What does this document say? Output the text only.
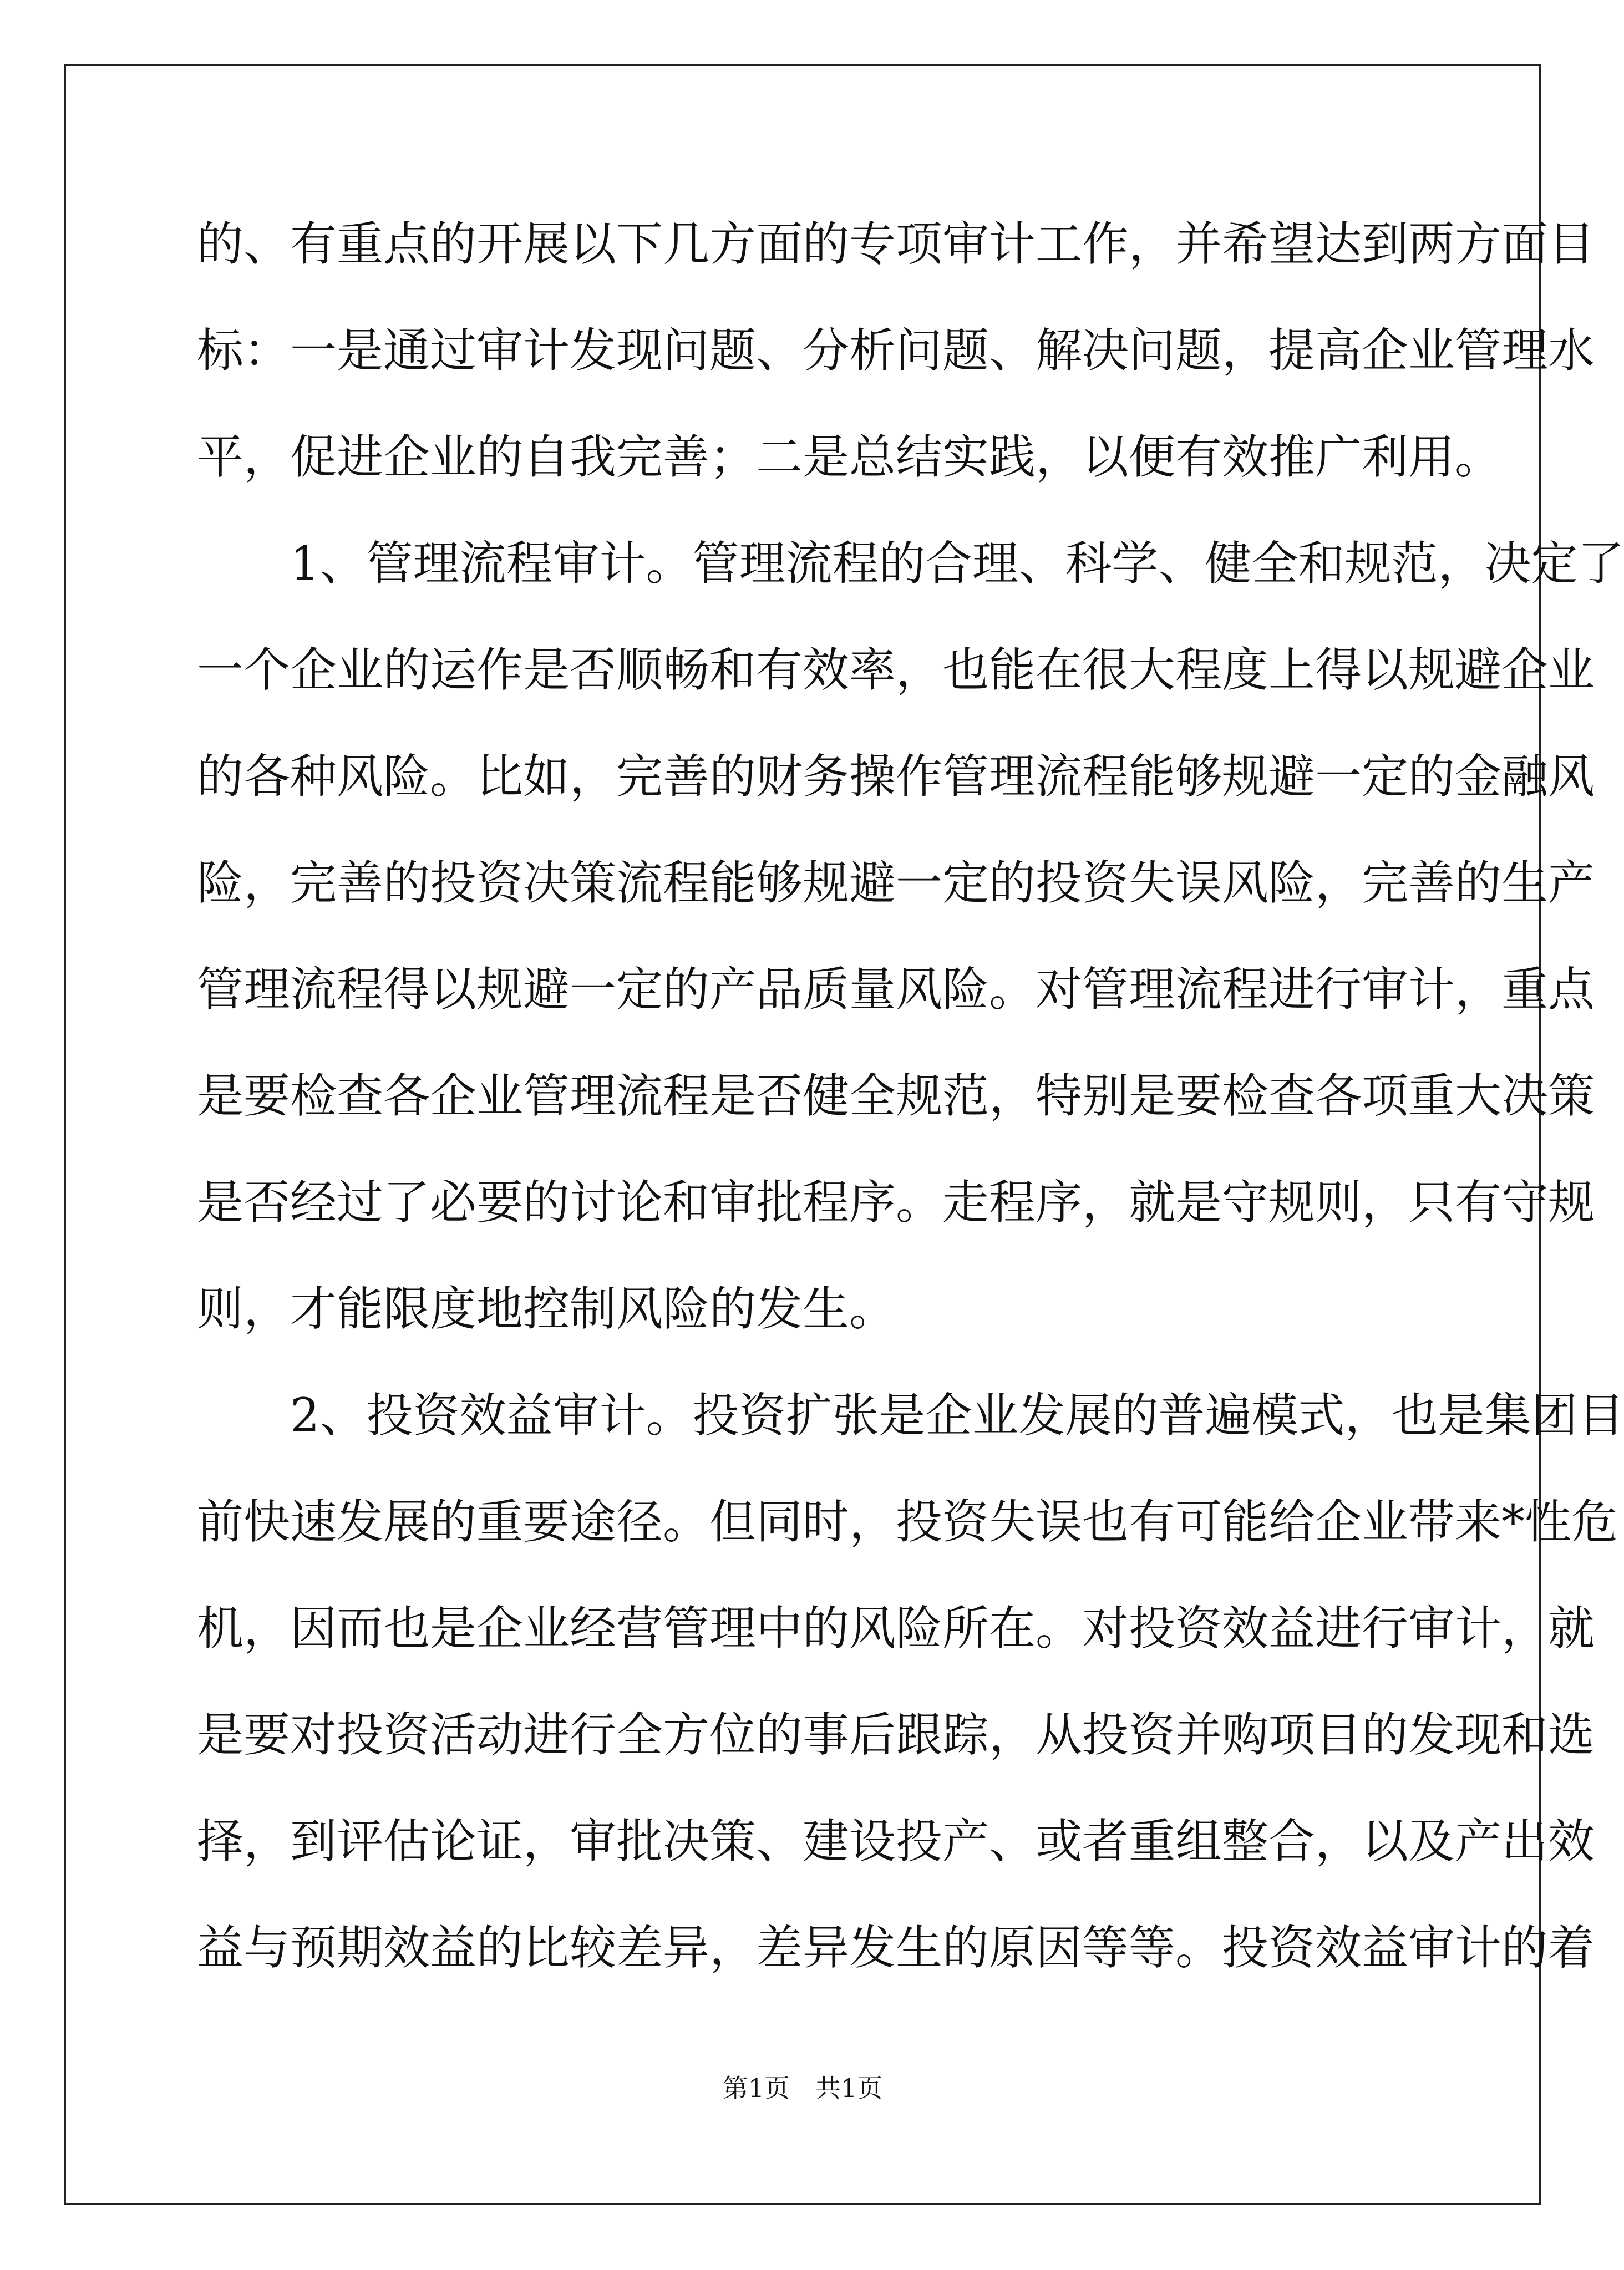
的、有重点的开展以下几方面的专项审计工作，并希望达到两方面目
标：一是通过审计发现问题、分析问题、解决问题，提高企业管理水
平，促进企业的自我完善；二是总结实践，以便有效推广利用。
　　1、管理流程审计。管理流程的合理、科学、健全和规范，决定了
一个企业的运作是否顺畅和有效率，也能在很大程度上得以规避企业
的各种风险。比如，完善的财务操作管理流程能够规避一定的金融风
险，完善的投资决策流程能够规避一定的投资失误风险，完善的生产
管理流程得以规避一定的产品质量风险。对管理流程进行审计，重点
是要检查各企业管理流程是否健全规范，特别是要检查各项重大决策
是否经过了必要的讨论和审批程序。走程序，就是守规则，只有守规
则，才能限度地控制风险的发生。
　　2、投资效益审计。投资扩张是企业发展的普遍模式，也是集团目
前快速发展的重要途径。但同时，投资失误也有可能给企业带来*性危
机，因而也是企业经营管理中的风险所在。对投资效益进行审计，就
是要对投资活动进行全方位的事后跟踪，从投资并购项目的发现和选
择，到评估论证，审批决策、建设投产、或者重组整合，以及产出效
益与预期效益的比较差异，差异发生的原因等等。投资效益审计的着
第1页　共1页
